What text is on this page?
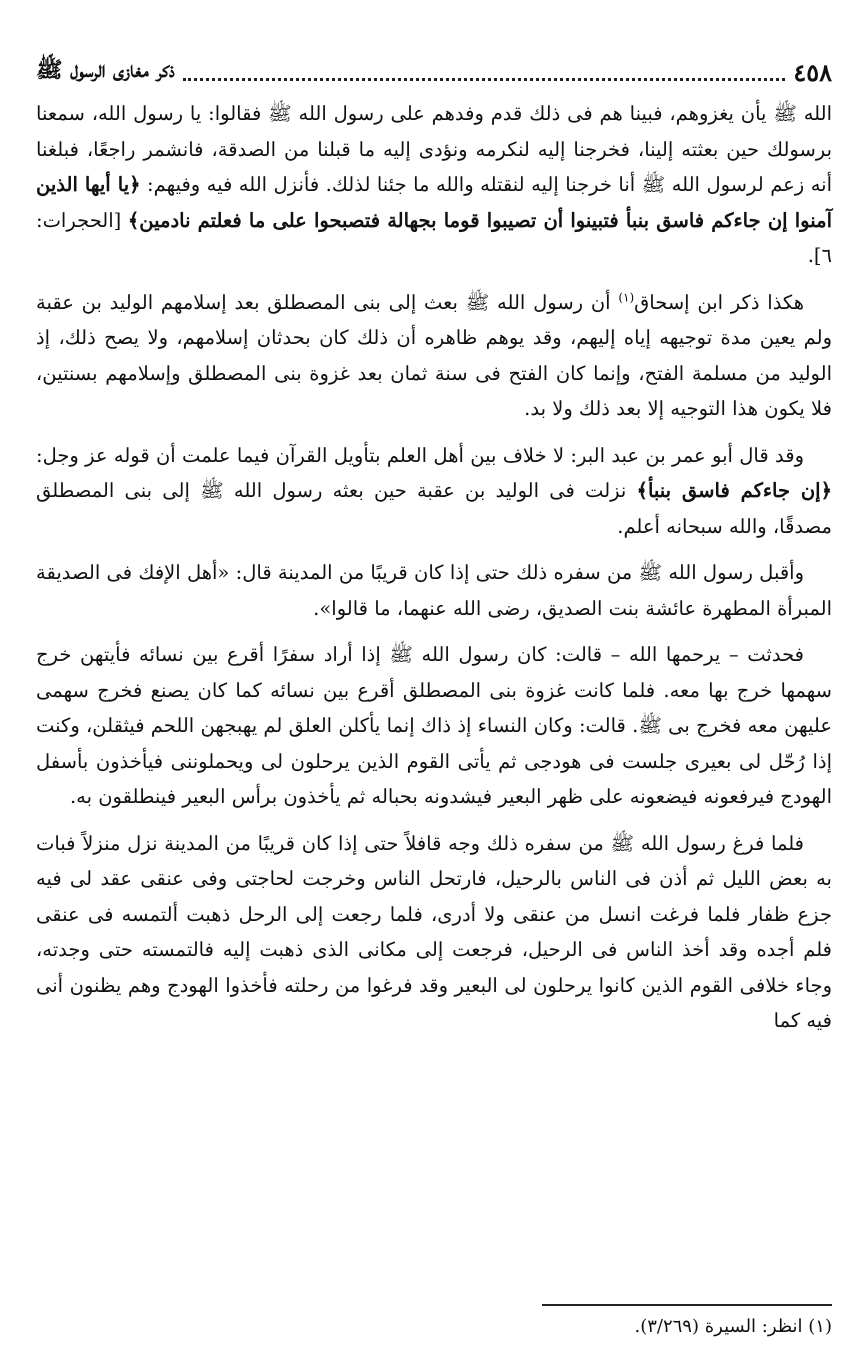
٤٥٨
ذكر مغازى الرسول ﷺ

الله ﷺ يأن يغزوهم، فبينا هم فى ذلك قدم وفدهم على رسول الله ﷺ فقالوا: يا رسول الله، سمعنا برسولك حين بعثته إلينا، فخرجنا إليه لنكرمه ونؤدى إليه ما قبلنا من الصدقة، فانشمر راجعًا، فبلغنا أنه زعم لرسول الله ﷺ أنا خرجنا إليه لنقتله والله ما جئنا لذلك. فأنزل الله فيه وفيهم: ﴿يا أيها الذين آمنوا إن جاءكم فاسق بنبأ فتبينوا أن تصيبوا قوما بجهالة فتصبحوا على ما فعلتم نادمين﴾ [الحجرات: ٦].

هكذا ذكر ابن إسحاق$^{(١)}$ أن رسول الله ﷺ بعث إلى بنى المصطلق بعد إسلامهم الوليد بن عقبة ولم يعين مدة توجيهه إياه إليهم، وقد يوهم ظاهره أن ذلك كان بحدثان إسلامهم، ولا يصح ذلك، إذ الوليد من مسلمة الفتح، وإنما كان الفتح فى سنة ثمان بعد غزوة بنى المصطلق وإسلامهم بسنتين، فلا يكون هذا التوجيه إلا بعد ذلك ولا بد.

وقد قال أبو عمر بن عبد البر: لا خلاف بين أهل العلم بتأويل القرآن فيما علمت أن قوله عز وجل: ﴿إن جاءكم فاسق بنبأ﴾ نزلت فى الوليد بن عقبة حين بعثه رسول الله ﷺ إلى بنى المصطلق مصدقًا، والله سبحانه أعلم.

وأقبل رسول الله ﷺ من سفره ذلك حتى إذا كان قريبًا من المدينة قال: «أهل الإفك فى الصديقة المبرأة المطهرة عائشة بنت الصديق، رضى الله عنهما، ما قالوا».

فحدثت – يرحمها الله – قالت: كان رسول الله ﷺ إذا أراد سفرًا أقرع بين نسائه فأيتهن خرج سهمها خرج بها معه. فلما كانت غزوة بنى المصطلق أقرع بين نسائه كما كان يصنع فخرج سهمى عليهن معه فخرج بى ﷺ. قالت: وكان النساء إذ ذاك إنما يأكلن العلق لم يهبجهن اللحم فيثقلن، وكنت إذا رُحّل لى بعيرى جلست فى هودجى ثم يأتى القوم الذين يرحلون لى ويحملوننى فيأخذون بأسفل الهودج فيرفعونه فيضعونه على ظهر البعير فيشدونه بحباله ثم يأخذون برأس البعير فينطلقون به.

فلما فرغ رسول الله ﷺ من سفره ذلك وجه قافلاً حتى إذا كان قريبًا من المدينة نزل منزلاً فبات به بعض الليل ثم أذن فى الناس بالرحيل، فارتحل الناس وخرجت لحاجتى وفى عنقى عقد لى فيه جزع ظفار فلما فرغت انسل من عنقى ولا أدرى، فلما رجعت إلى الرحل ذهبت ألتمسه فى عنقى فلم أجده وقد أخذ الناس فى الرحيل، فرجعت إلى مكانى الذى ذهبت إليه فالتمسته حتى وجدته، وجاء خلافى القوم الذين كانوا يرحلون لى البعير وقد فرغوا من رحلته فأخذوا الهودج وهم يظنون أنى فيه كما

(١) انظر: السيرة (٣/٢٦٩).
